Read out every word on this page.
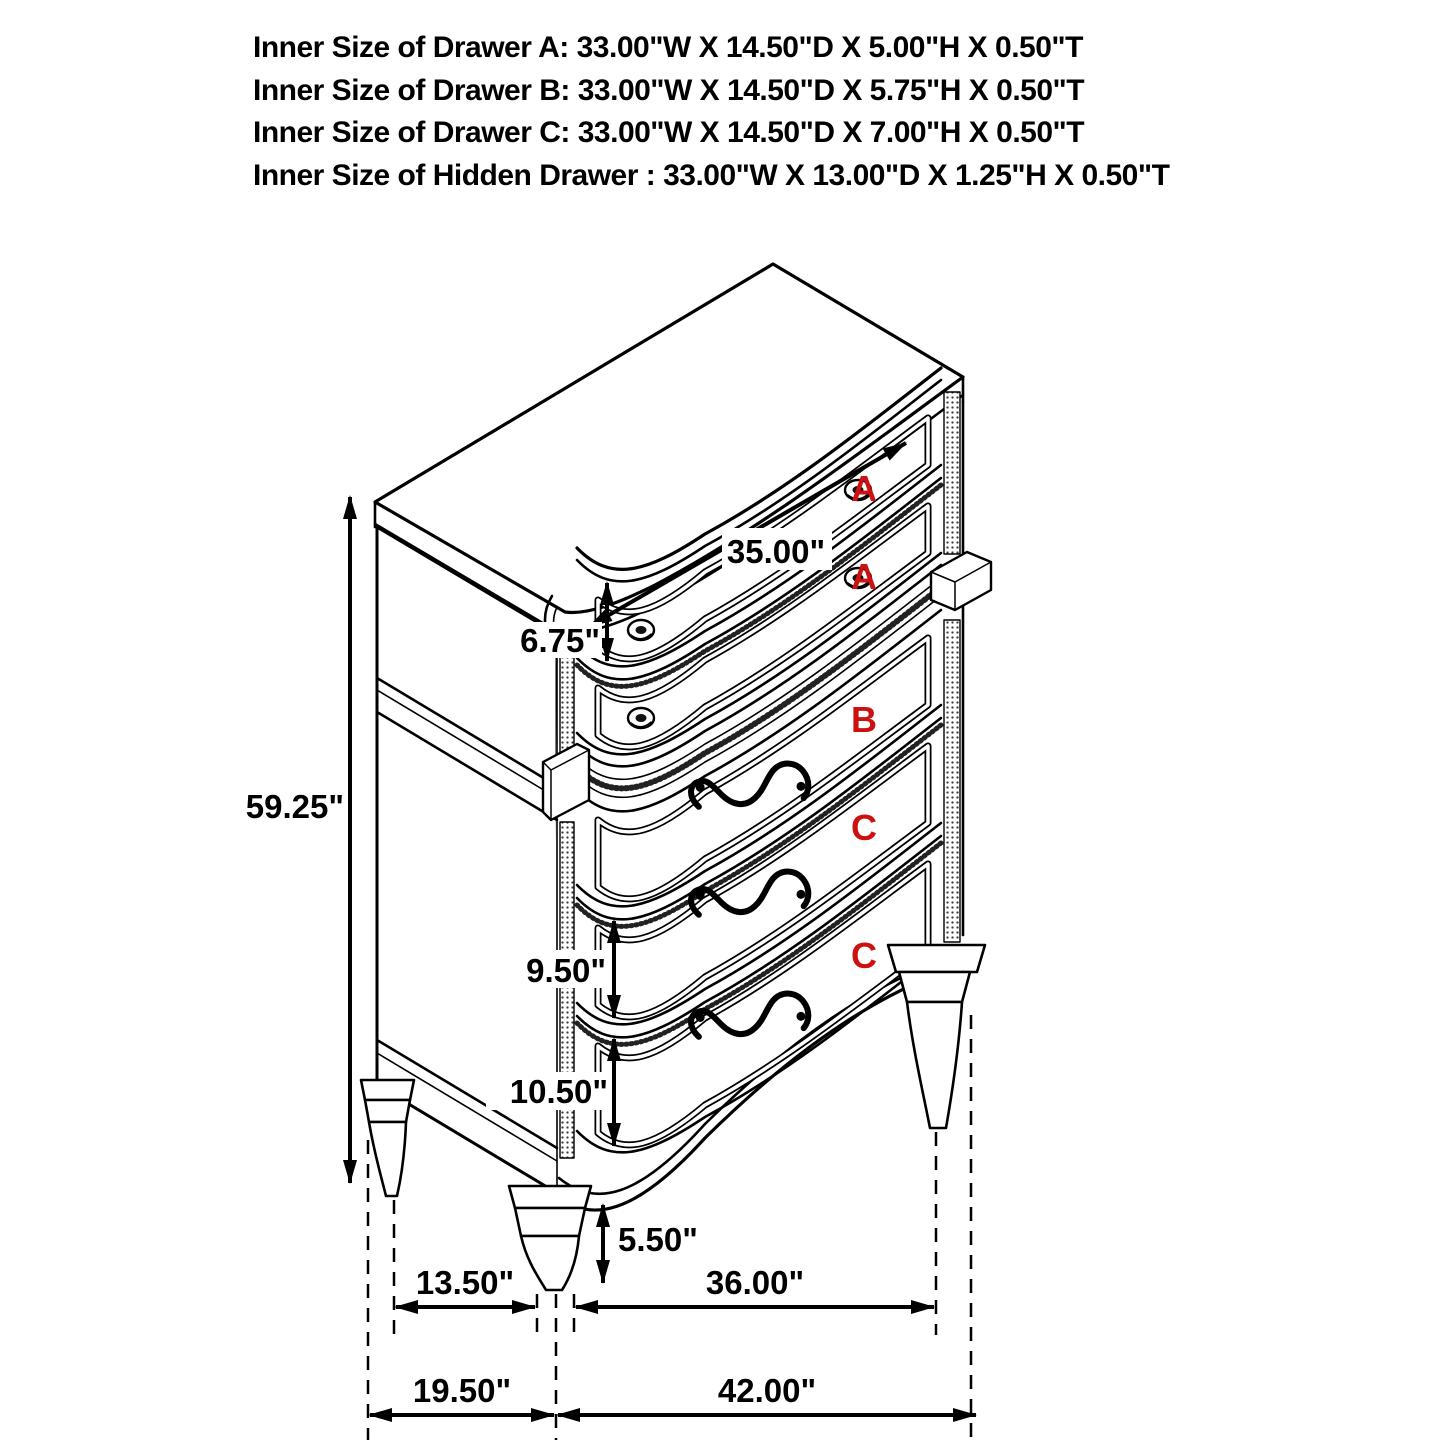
Inner Size of Drawer A: 33.00"W X 14.50"D X 5.00"H X 0.50"T
Inner Size of Drawer B: 33.00"W X 14.50"D X 5.75"H X 0.50"T
Inner Size of Drawer C: 33.00"W X 14.50"D X 7.00"H X 0.50"T
Inner Size of Hidden Drawer : 33.00"W X 13.00"D X 1.25"H X 0.50"T
A
A
B
C
C
59.25"
35.00"
6.75"
9.50"
10.50"
5.50"
13.50"	36.00"
19.50"	42.00"
